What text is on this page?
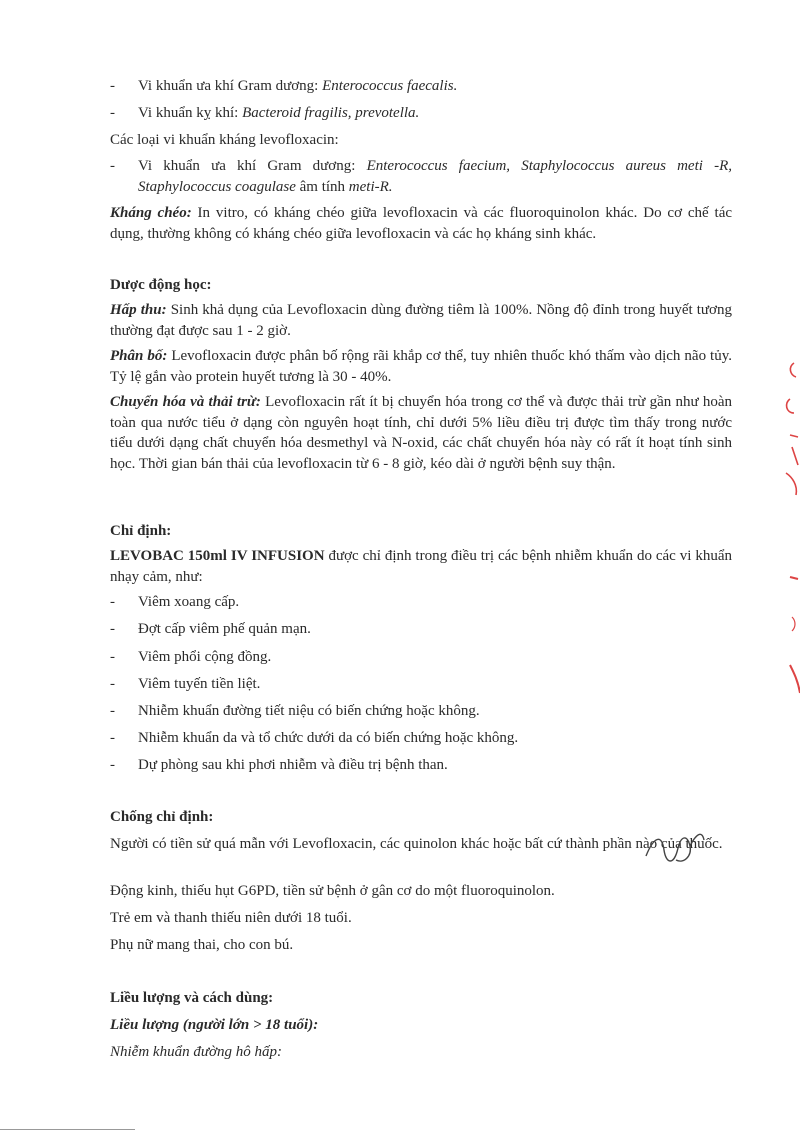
- Vi khuẩn ưa khí Gram dương: Enterococcus faecalis.
- Vi khuẩn kỵ khí: Bacteroid fragilis, prevotella.

Các loại vi khuẩn kháng levofloxacin:

- Vi khuẩn ưa khí Gram dương: Enterococcus faecium, Staphylococcus aureus meti -R, Staphylococcus coagulase âm tính meti-R.

Kháng chéo: In vitro, có kháng chéo giữa levofloxacin và các fluoroquinolon khác. Do cơ chế tác dụng, thường không có kháng chéo giữa levofloxacin và các họ kháng sinh khác.

Dược động học:

Hấp thu: Sinh khả dụng của Levofloxacin dùng đường tiêm là 100%. Nồng độ đỉnh trong huyết tương thường đạt được sau 1 - 2 giờ.

Phân bố: Levofloxacin được phân bố rộng rãi khắp cơ thể, tuy nhiên thuốc khó thấm vào dịch não tủy. Tỷ lệ gắn vào protein huyết tương là 30 - 40%.

Chuyển hóa và thải trừ: Levofloxacin rất ít bị chuyển hóa trong cơ thể và được thải trừ gần như hoàn toàn qua nước tiểu ở dạng còn nguyên hoạt tính, chỉ dưới 5% liều điều trị được tìm thấy trong nước tiểu dưới dạng chất chuyển hóa desmethyl và N-oxid, các chất chuyển hóa này có rất ít hoạt tính sinh học. Thời gian bán thải của levofloxacin từ 6 - 8 giờ, kéo dài ở người bệnh suy thận.

Chỉ định:

LEVOBAC 150ml IV INFUSION được chỉ định trong điều trị các bệnh nhiễm khuẩn do các vi khuẩn nhạy cảm, như:

- Viêm xoang cấp.
- Đợt cấp viêm phế quản mạn.
- Viêm phổi cộng đồng.
- Viêm tuyến tiền liệt.
- Nhiễm khuẩn đường tiết niệu có biến chứng hoặc không.
- Nhiễm khuẩn da và tổ chức dưới da có biến chứng hoặc không.
- Dự phòng sau khi phơi nhiễm và điều trị bệnh than.

Chống chỉ định:

Người có tiền sử quá mẫn với Levofloxacin, các quinolon khác hoặc bất cứ thành phần nào của thuốc.

Động kinh, thiếu hụt G6PD, tiền sử bệnh ở gân cơ do một fluoroquinolon.

Trẻ em và thanh thiếu niên dưới 18 tuổi.

Phụ nữ mang thai, cho con bú.

Liều lượng và cách dùng:

Liều lượng (người lớn > 18 tuổi):

Nhiễm khuẩn đường hô hấp:
